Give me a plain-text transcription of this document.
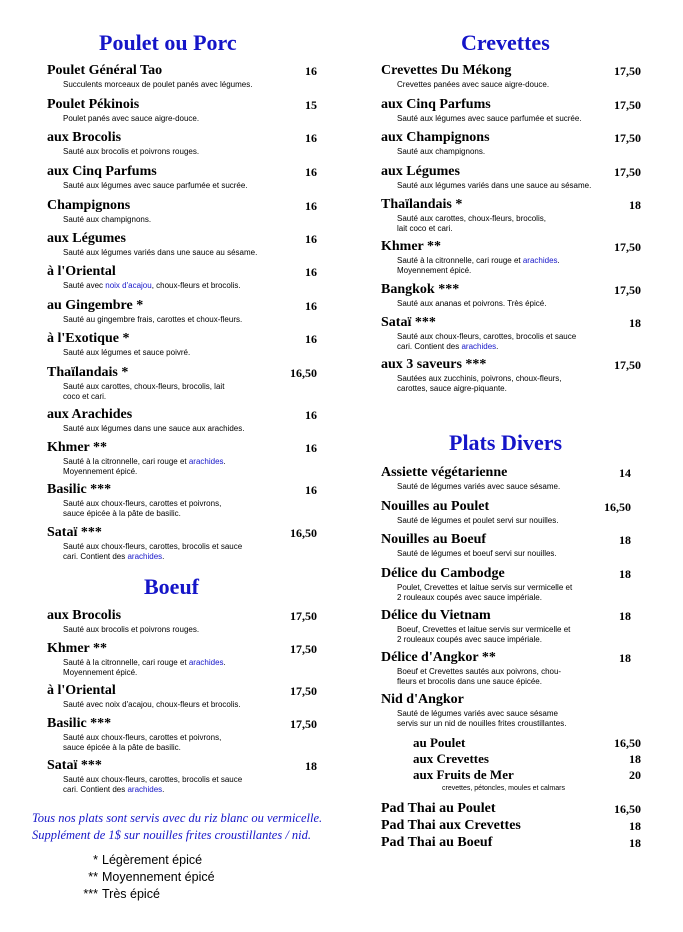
Poulet ou Porc
Poulet Général Tao	16
Succulents morceaux de poulet panés avec légumes.
Poulet Pékinois	15
Poulet panés avec sauce aigre-douce.
aux Brocolis	16
Sauté aux brocolis et poivrons rouges.
aux Cinq Parfums	16
Sauté aux légumes avec sauce parfumée et sucrée.
Champignons	16
Sauté aux champignons.
aux Légumes	16
Sauté aux légumes variés dans une sauce au sésame.
à l'Oriental	16
Sauté avec noix d'acajou, choux-fleurs et brocolis.
au Gingembre *	16
Sauté au gingembre frais, carottes et choux-fleurs.
à l'Exotique *	16
Sauté aux légumes et sauce poivré.
Thaïlandais *	16,50
Sauté aux carottes, choux-fleurs, brocolis, lait
coco et cari.
aux Arachides	16
Sauté aux légumes dans une sauce aux arachides.
Khmer **	16
Sauté à la citronnelle, cari rouge et arachides.
Moyennement épicé.
Basilic ***	16
Sauté aux choux-fleurs, carottes et poivrons,
sauce épicée à la pâte de basilic.
Sataï ***	16,50
Sauté aux choux-fleurs, carottes, brocolis et sauce
cari. Contient des arachides.
Boeuf
aux Brocolis	17,50
Sauté aux brocolis et poivrons rouges.
Khmer **	17,50
Sauté à la citronnelle, cari rouge et arachides.
Moyennement épicé.
à l'Oriental	17,50
Sauté avec noix d'acajou, choux-fleurs et brocolis.
Basilic ***	17,50
Sauté aux choux-fleurs, carottes et poivrons,
sauce épicée à la pâte de basilic.
Sataï ***	18
Sauté aux choux-fleurs, carottes, brocolis et sauce
cari. Contient des arachides.
Tous nos plats sont servis avec du riz blanc ou vermicelle.
Supplément de 1$ sur nouilles frites croustillantes / nid.
* Légèrement épicé
** Moyennement épicé
*** Très épicé
Crevettes
Crevettes Du Mékong	17,50
Crevettes panées avec sauce aigre-douce.
aux Cinq Parfums	17,50
Sauté aux légumes avec sauce parfumée et sucrée.
aux Champignons	17,50
Sauté aux champignons.
aux Légumes	17,50
Sauté aux légumes variés dans une sauce au sésame.
Thaïlandais *	18
Sauté aux carottes, choux-fleurs, brocolis,
lait coco et cari.
Khmer **	17,50
Sauté à la citronnelle, cari rouge et arachides.
Moyennement épicé.
Bangkok ***	17,50
Sauté aux ananas et poivrons. Très épicé.
Sataï ***	18
Sauté aux choux-fleurs, carottes, brocolis et sauce
cari. Contient des arachides.
aux 3 saveurs ***	17,50
Sautées aux zucchinis, poivrons, choux-fleurs,
carottes, sauce aigre-piquante.
Plats Divers
Assiette végétarienne	14
Sauté de légumes variés avec sauce sésame.
Nouilles au Poulet	16,50
Sauté de légumes et poulet servi sur nouilles.
Nouilles au Boeuf	18
Sauté de légumes et boeuf servi sur nouilles.
Délice du Cambodge	18
Poulet, Crevettes et laitue servis sur vermicelle et
2 rouleaux coupés avec sauce impériale.
Délice du Vietnam	18
Boeuf, Crevettes et laitue servis sur vermicelle et
2 rouleaux coupés avec sauce impériale.
Délice d'Angkor **	18
Boeuf et Crevettes sautés aux poivrons, chou-
fleurs et brocolis dans une sauce épicée.
Nid d'Angkor
Sauté de légumes variés avec sauce sésame
servis sur un nid de nouilles frites croustillantes.
au Poulet	16,50
aux Crevettes	18
aux Fruits de Mer	20
crevettes, pétoncles, moules et calmars
Pad Thai au Poulet	16,50
Pad Thai aux Crevettes	18
Pad Thai au Boeuf	18
